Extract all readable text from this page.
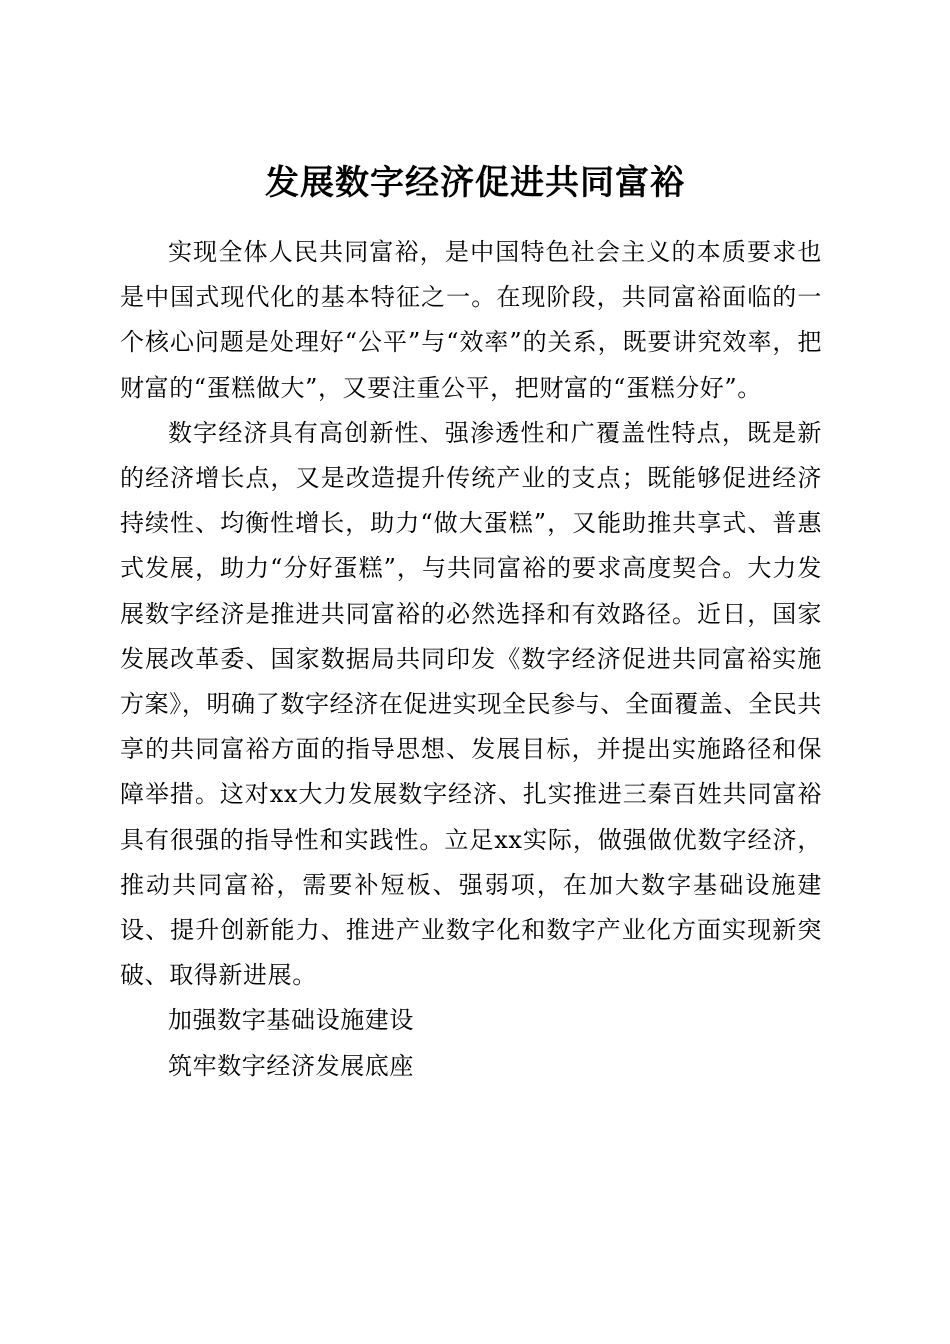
发展数字经济促进共同富裕

实现全体人民共同富裕，是中国特色社会主义的本质要求也是中国式现代化的基本特征之一。在现阶段，共同富裕面临的一个核心问题是处理好“公平”与“效率”的关系，既要讲究效率，把财富的“蛋糕做大”，又要注重公平，把财富的“蛋糕分好”。

数字经济具有高创新性、强渗透性和广覆盖性特点，既是新的经济增长点，又是改造提升传统产业的支点；既能够促进经济持续性、均衡性增长，助力“做大蛋糕”，又能助推共享式、普惠式发展，助力“分好蛋糕”，与共同富裕的要求高度契合。大力发展数字经济是推进共同富裕的必然选择和有效路径。近日，国家发展改革委、国家数据局共同印发《数字经济促进共同富裕实施方案》，明确了数字经济在促进实现全民参与、全面覆盖、全民共享的共同富裕方面的指导思想、发展目标，并提出实施路径和保障举措。这对xx大力发展数字经济、扎实推进三秦百姓共同富裕具有很强的指导性和实践性。立足xx实际，做强做优数字经济，推动共同富裕，需要补短板、强弱项，在加大数字基础设施建设、提升创新能力、推进产业数字化和数字产业化方面实现新突破、取得新进展。

加强数字基础设施建设

筑牢数字经济发展底座
